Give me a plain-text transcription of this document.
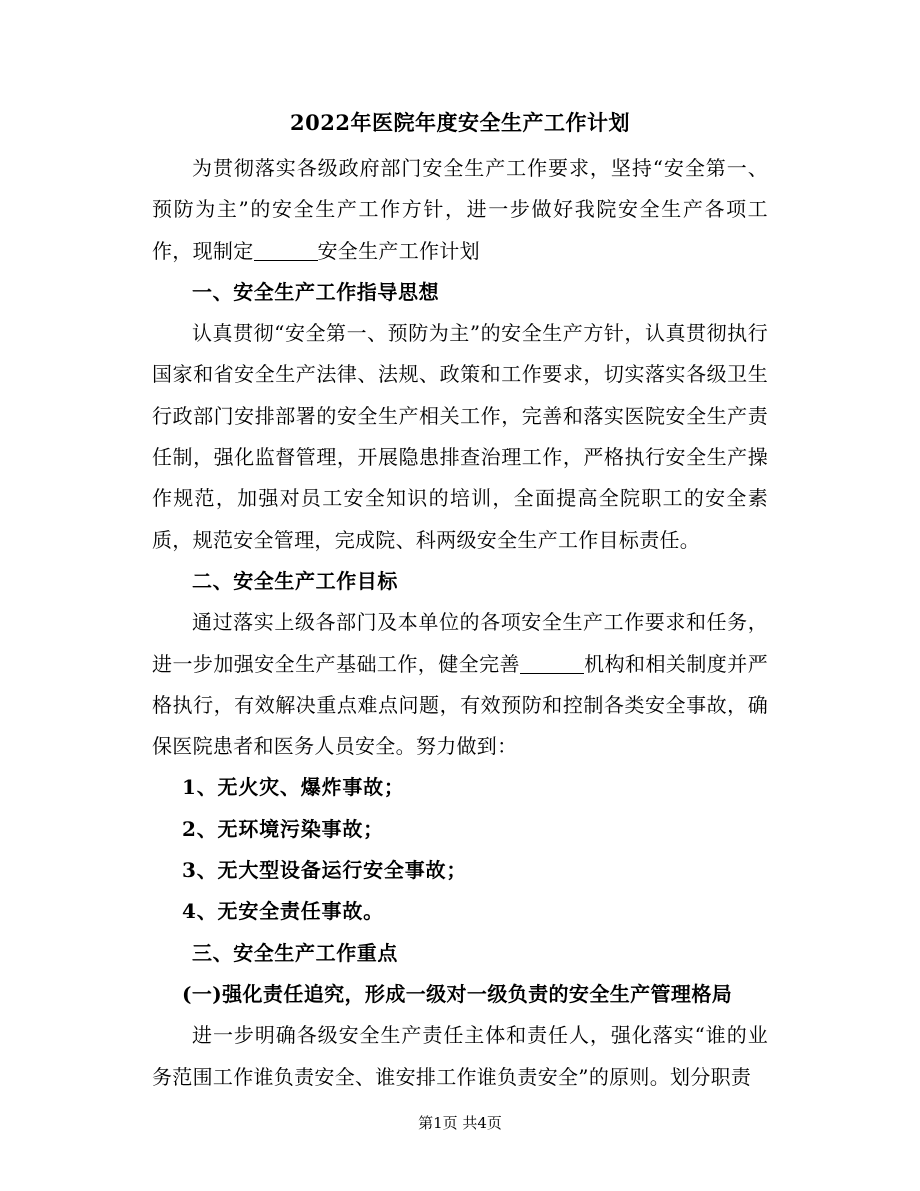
2022年医院年度安全生产工作计划

为贯彻落实各级政府部门安全生产工作要求，坚持“安全第一、预防为主”的安全生产工作方针，进一步做好我院安全生产各项工作，现制定	安全生产工作计划

一、安全生产工作指导思想

认真贯彻“安全第一、预防为主”的安全生产方针，认真贯彻执行国家和省安全生产法律、法规、政策和工作要求，切实落实各级卫生行政部门安排部署的安全生产相关工作，完善和落实医院安全生产责任制，强化监督管理，开展隐患排查治理工作，严格执行安全生产操作规范，加强对员工安全知识的培训，全面提高全院职工的安全素质，规范安全管理，完成院、科两级安全生产工作目标责任。

二、安全生产工作目标

通过落实上级各部门及本单位的各项安全生产工作要求和任务，进一步加强安全生产基础工作，健全完善	机构和相关制度并严格执行，有效解决重点难点问题，有效预防和控制各类安全事故，确保医院患者和医务人员安全。努力做到：

1、无火灾、爆炸事故；

2、无环境污染事故；

3、无大型设备运行安全事故；

4、无安全责任事故。

三、安全生产工作重点

(一)强化责任追究，形成一级对一级负责的安全生产管理格局

进一步明确各级安全生产责任主体和责任人，强化落实“谁的业务范围工作谁负责安全、谁安排工作谁负责安全”的原则。划分职责

第1页 共4页
